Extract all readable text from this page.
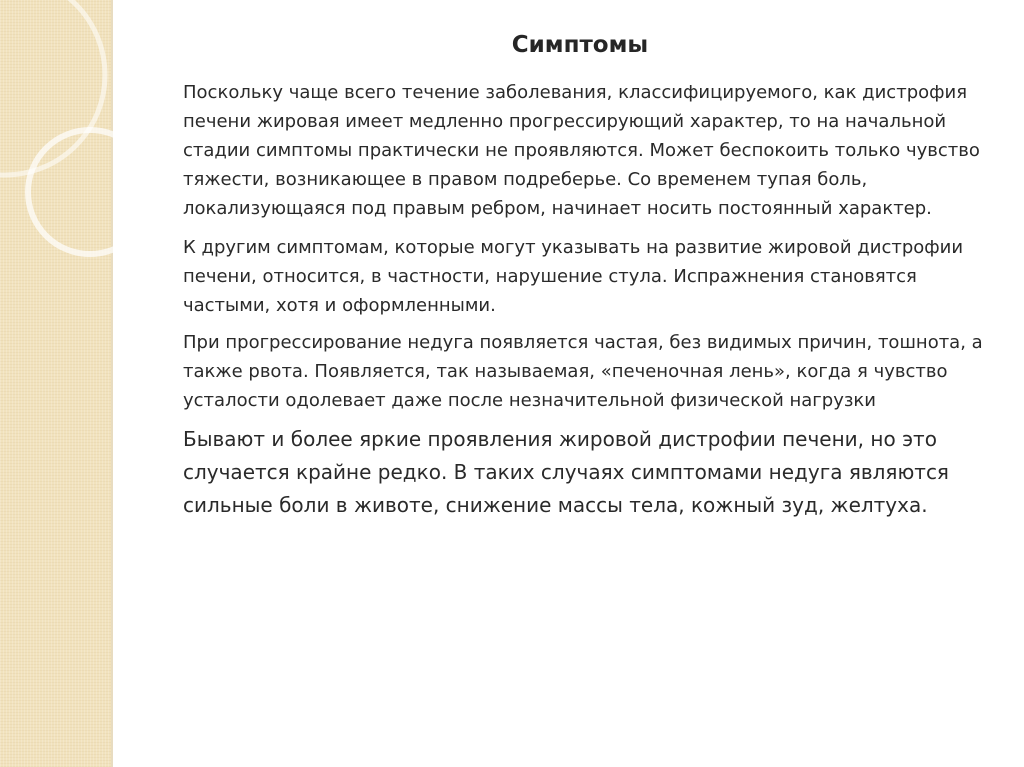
Симптомы

Поскольку чаще всего течение заболевания, классифицируемого, как дистрофия печени жировая имеет медленно прогрессирующий характер, то на начальной стадии симптомы практически не проявляются. Может беспокоить только чувство тяжести, возникающее в правом подреберье. Со временем тупая боль, локализующаяся под правым ребром, начинает носить постоянный характер.

К другим симптомам, которые могут указывать на развитие жировой дистрофии печени, относится, в частности, нарушение стула. Испражнения становятся частыми, хотя и оформленными.

При прогрессирование недуга появляется частая, без видимых причин, тошнота, а также рвота. Появляется, так называемая, «печеночная лень», когда я чувство усталости одолевает даже после незначительной физической нагрузки

Бывают и более яркие проявления жировой дистрофии печени, но это случается крайне редко. В таких случаях симптомами недуга являются сильные боли в животе, снижение массы тела, кожный зуд, желтуха.
